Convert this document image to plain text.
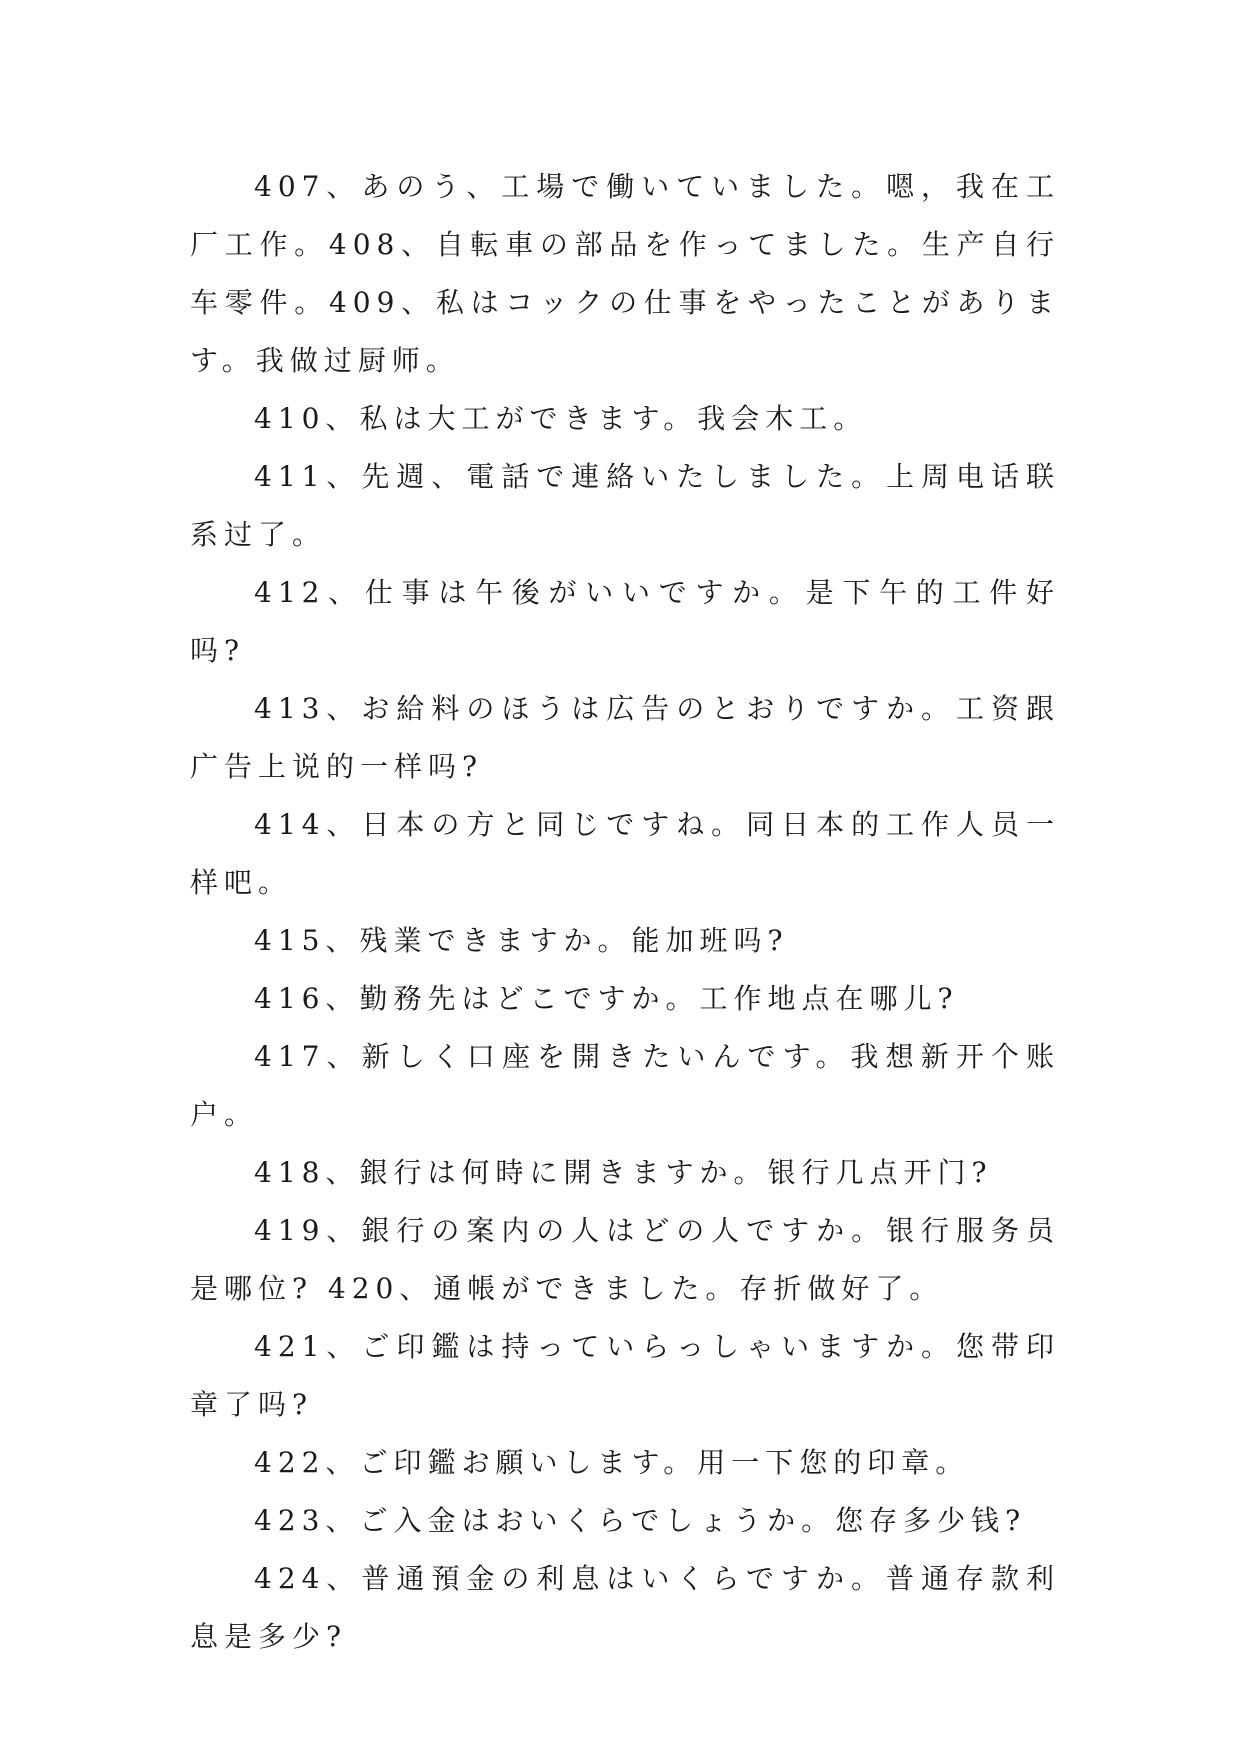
407、あのう、工場で働いていました。嗯，我在工厂工作。408、自転車の部品を作ってました。生产自行车零件。409、私はコックの仕事をやったことがあります。我做过厨师。

410、私は大工ができます。我会木工。

411、先週、電話で連絡いたしました。上周电话联系过了。

412、仕事は午後がいいですか。是下午的工件好吗?

413、お給料のほうは広告のとおりですか。工资跟广告上说的一样吗?

414、日本の方と同じですね。同日本的工作人员一样吧。

415、残業できますか。能加班吗?

416、勤務先はどこですか。工作地点在哪儿?

417、新しく口座を開きたいんです。我想新开个账户。

418、銀行は何時に開きますか。银行几点开门?

419、銀行の案内の人はどの人ですか。银行服务员是哪位? 420、通帳ができました。存折做好了。

421、ご印鑑は持っていらっしゃいますか。您带印章了吗?

422、ご印鑑お願いします。用一下您的印章。

423、ご入金はおいくらでしょうか。您存多少钱?

424、普通預金の利息はいくらですか。普通存款利息是多少?
